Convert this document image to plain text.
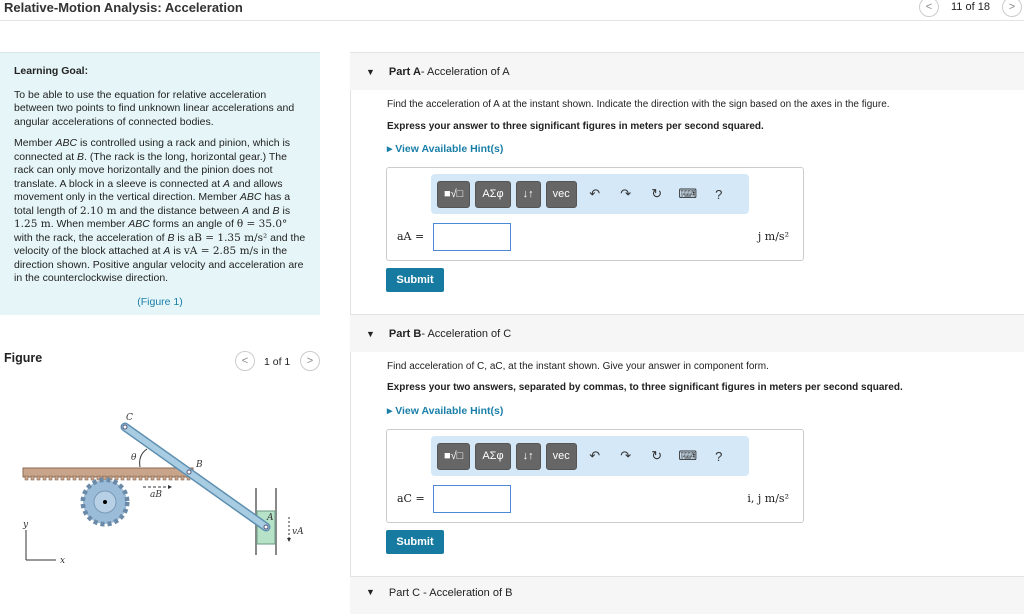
Relative-Motion Analysis: Acceleration	<	11 of 18	>

Learning Goal:

To be able to use the equation for relative acceleration between two points to find unknown linear accelerations and angular accelerations of connected bodies.

Member ABC is controlled using a rack and pinion, which is connected at B. (The rack is the long, horizontal gear.) The rack can only move horizontally and the pinion does not translate. A block in a sleeve is connected at A and allows movement only in the vertical direction. Member ABC has a total length of 2.10 m and the distance between A and B is 1.25 m. When member ABC forms an angle of θ = 35.0° with the rack, the acceleration of B is aB = 1.35 m/s² and the velocity of the block attached at A is vA = 2.85 m/s in the direction shown. Positive angular velocity and acceleration are in the counterclockwise direction.

(Figure 1)

Figure	<	1 of 1	>
C
B
A
θ
aB
vA
x
y
▼ Part A - Acceleration of A
Find the acceleration of A at the instant shown. Indicate the direction with the sign based on the axes in the figure.
Express your answer to three significant figures in meters per second squared.
▸ View Available Hint(s)
■√□	AΣφ	↓↑	vec	↶	↷	↻	⌨	?
aA =	j m/s²
Submit
▼ Part B - Acceleration of C
Find acceleration of C, aC, at the instant shown. Give your answer in component form.
Express your two answers, separated by commas, to three significant figures in meters per second squared.
▸ View Available Hint(s)
■√□	AΣφ	↓↑	vec	↶	↷	↻	⌨	?
aC =	i, j m/s²
Submit
▼ Part C - Acceleration of B
